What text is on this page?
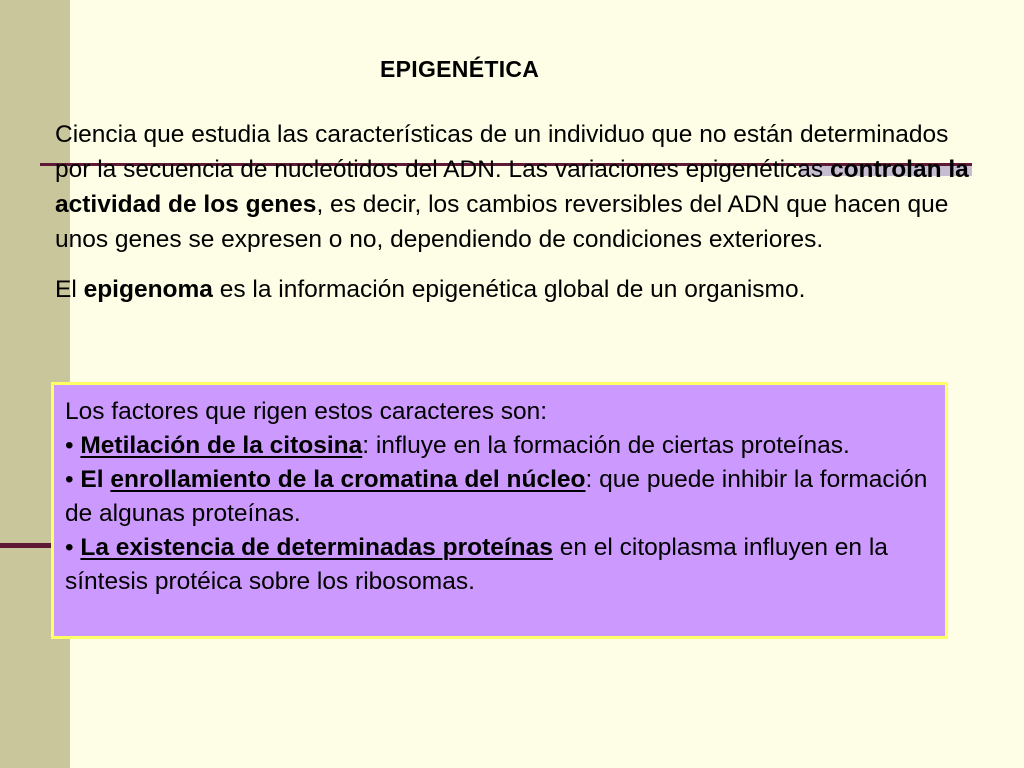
EPIGENÉTICA

Ciencia que estudia las características de un individuo que no están determinados por la secuencia de nucleótidos del ADN. Las variaciones epigenéticas controlan la actividad de los genes, es decir, los cambios reversibles del ADN que hacen que unos genes se expresen o no, dependiendo de condiciones exteriores.

El epigenoma es la información epigenética global de un organismo.

Los factores que rigen estos caracteres son:

• Metilación de la citosina: influye en la formación de ciertas proteínas.

• El enrollamiento de la cromatina del núcleo: que puede inhibir la formación de algunas proteínas.

• La existencia de determinadas proteínas en el citoplasma influyen en la síntesis protéica sobre los ribosomas.
